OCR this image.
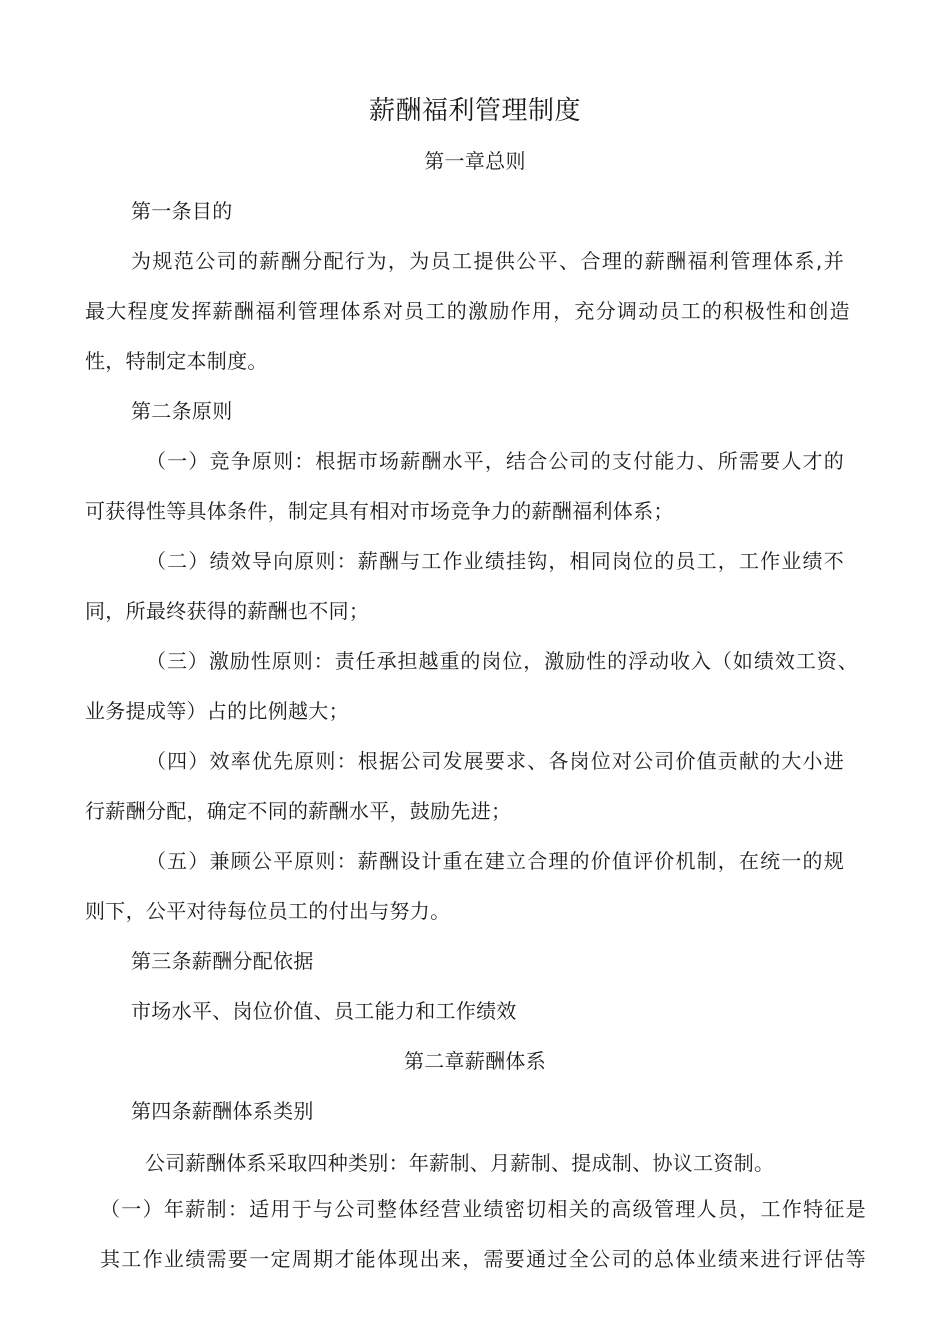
薪酬福利管理制度
第一章总则
第一条目的
为规范公司的薪酬分配行为，为员工提供公平、合理的薪酬福利管理体系,并
最大程度发挥薪酬福利管理体系对员工的激励作用，充分调动员工的积极性和创造
性，特制定本制度。
第二条原则
（一）竞争原则：根据市场薪酬水平，结合公司的支付能力、所需要人才的
可获得性等具体条件，制定具有相对市场竞争力的薪酬福利体系；
（二）绩效导向原则：薪酬与工作业绩挂钩，相同岗位的员工，工作业绩不
同，所最终获得的薪酬也不同；
（三）激励性原则：责任承担越重的岗位，激励性的浮动收入（如绩效工资、
业务提成等）占的比例越大；
（四）效率优先原则：根据公司发展要求、各岗位对公司价值贡献的大小进
行薪酬分配，确定不同的薪酬水平，鼓励先进；
（五）兼顾公平原则：薪酬设计重在建立合理的价值评价机制，在统一的规
则下，公平对待每位员工的付出与努力。
第三条薪酬分配依据
市场水平、岗位价值、员工能力和工作绩效
第二章薪酬体系
第四条薪酬体系类别
公司薪酬体系采取四种类别：年薪制、月薪制、提成制、协议工资制。
（一）年薪制：适用于与公司整体经营业绩密切相关的高级管理人员，工作特征是
其工作业绩需要一定周期才能体现出来，需要通过全公司的总体业绩来进行评估等
